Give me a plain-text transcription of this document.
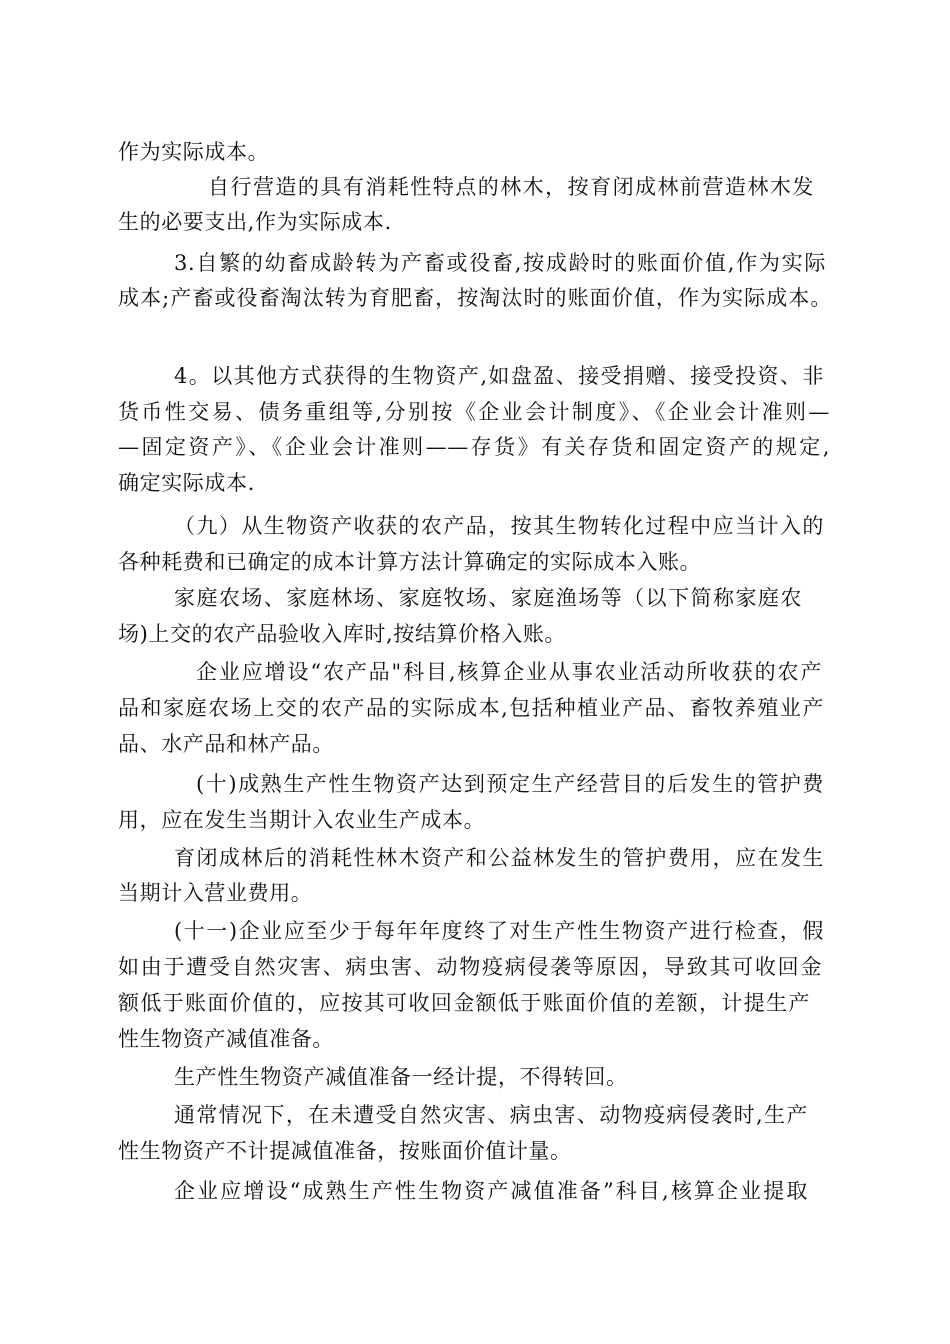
作为实际成本。
自行营造的具有消耗性特点的林木，按育闭成林前营造林木发
生的必要支出,作为实际成本.
3.自繁的幼畜成龄转为产畜或役畜,按成龄时的账面价值,作为实际
成本;产畜或役畜淘汰转为育肥畜，按淘汰时的账面价值，作为实际成本。
4。以其他方式获得的生物资产,如盘盈、接受捐赠、接受投资、非
货币性交易、债务重组等,分别按《企业会计制度》、《企业会计准则—
—固定资产》、《企业会计准则——存货》有关存货和固定资产的规定,
确定实际成本.
（九）从生物资产收获的农产品，按其生物转化过程中应当计入的
各种耗费和已确定的成本计算方法计算确定的实际成本入账。
家庭农场、家庭林场、家庭牧场、家庭渔场等（以下简称家庭农
场)上交的农产品验收入库时,按结算价格入账。
企业应增设“农产品"科目,核算企业从事农业活动所收获的农产
品和家庭农场上交的农产品的实际成本,包括种植业产品、畜牧养殖业产
品、水产品和林产品。
(十)成熟生产性生物资产达到预定生产经营目的后发生的管护费
用，应在发生当期计入农业生产成本。
育闭成林后的消耗性林木资产和公益林发生的管护费用，应在发生
当期计入营业费用。
(十一)企业应至少于每年年度终了对生产性生物资产进行检查，假
如由于遭受自然灾害、病虫害、动物疫病侵袭等原因，导致其可收回金
额低于账面价值的，应按其可收回金额低于账面价值的差额，计提生产
性生物资产减值准备。
生产性生物资产减值准备一经计提，不得转回。
通常情况下，在未遭受自然灾害、病虫害、动物疫病侵袭时,生产
性生物资产不计提减值准备，按账面价值计量。
企业应增设“成熟生产性生物资产减值准备”科目,核算企业提取
